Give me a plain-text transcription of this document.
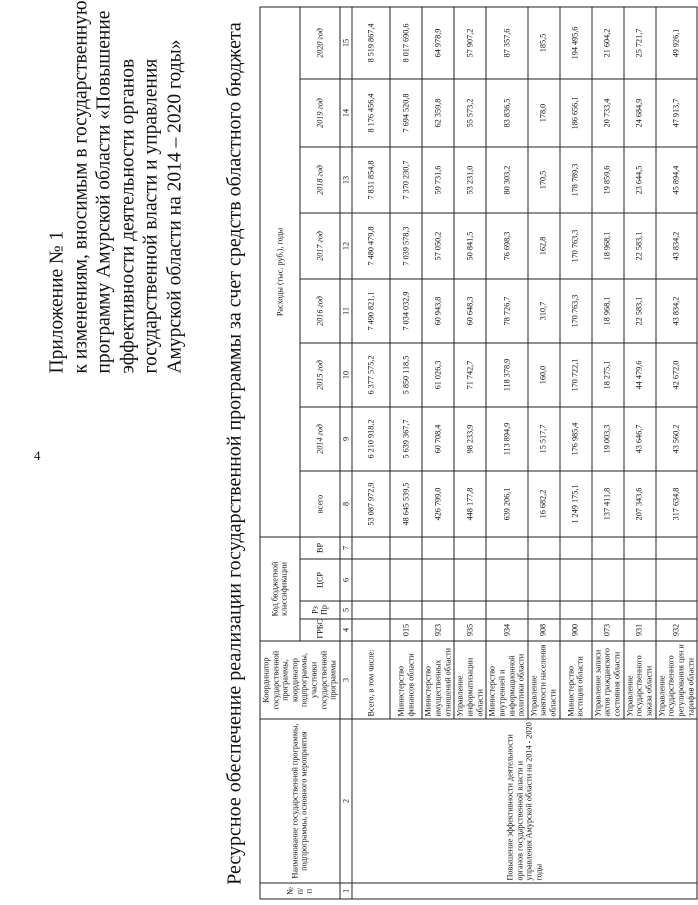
4
Приложение № 1 к изменениям, вносимым в государственную программу Амурской области «Повышение эффективности деятельности органов государственной власти и управления Амурской области на 2014 – 2020 годы» Ресурсное обеспечение реализации государственной программы за счет средств областного бюджета
№ п/п	Наименование государственной программы, подпрограммы, основного мероприятия	Координатор государственной программы, координатор подпрограммы, участники государственной программы	Код бюджетной классификации				Расходы (тыс. руб.), годы							
			ГРБС	Рз Пр	ЦСР	ВР	всего	2014 год	2015 год	2016 год	2017 год	2018 год	2019 год	2020 год
1	2	3	4	5	6	7	8	9	10	11	12	13	14	15
	Повышение эффективности деятельности органов государственной власти и управления Амурской области на 2014 - 2020 годы	Всего, в том числе:					53 087 972,9	6 210 918,2	6 377 575,2	7 490 821,1	7 480 479,8	7 831 854,8	8 176 456,4	8 519 867,4
		Министерство финансов области	015				48 645 539,5	5 639 367,7	5 850 118,5	7 034 032,9	7 039 578,3	7 370 230,7	7 694 520,8	8 017 690,6
		Министерство имущественных отношений области	923				426 799,0	60 708,4	61 026,3	60 943,8	57 050,2	59 731,6	62 359,8	64 978,9
		Управление информатизации области	935				448 177,8	98 233,9	71 742,7	60 648,3	50 841,5	53 231,0	55 573,2	57 907,2
		Министерство внутренней и информационной политики области	934				639 206,1	113 894,9	118 378,9	78 726,7	76 698,3	80 303,2	83 836,5	87 357,6
		Управление занятости населения области	908				16 682,2	15 517,7	160,0	310,7	162,8	170,5	178,0	185,5
		Министерство юстиции области	900				1 249 175,1	176 985,4	170 722,1	170 763,3	170 763,3	178 789,3	186 656,1	194 495,6
		Управление записи актов гражданского состояния области	073				137 411,8	19 003,3	18 275,1	18 968,1	18 968,1	19 859,6	20 733,4	21 604,2
		Управление государственного заказа области	931				207 343,6	43 646,7	44 479,6	22 583,1	22 583,1	23 644,5	24 684,9	25 721,7
		Управление государственного регулирования цен и тарифов области	932				317 634,8	43 560,2	42 672,0	43 834,2	43 834,2	45 894,4	47 913,7	49 926,1
